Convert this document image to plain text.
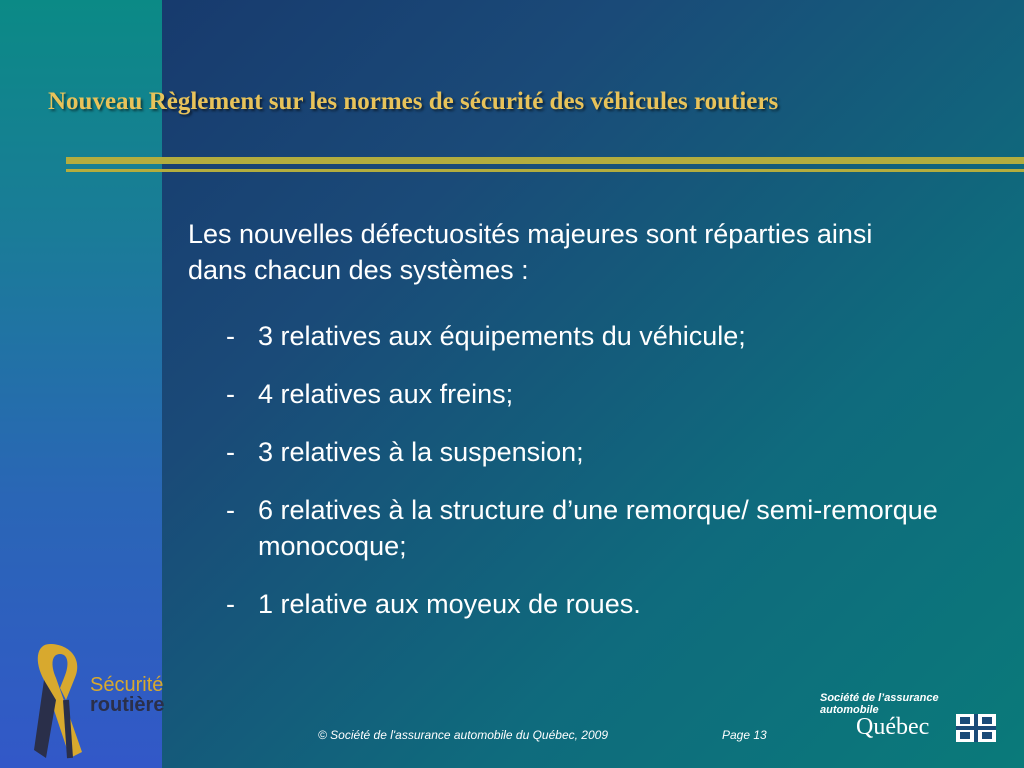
Nouveau Règlement sur les normes de sécurité des véhicules routiers
Les nouvelles défectuosités majeures sont réparties ainsi dans chacun des systèmes :
- 3 relatives aux équipements du véhicule;
- 4 relatives aux freins;
- 3 relatives à la suspension;
- 6 relatives à la structure d’une remorque/ semi-remorque monocoque;
- 1 relative aux moyeux de roues.
Sécurité
routière
© Société de l'assurance automobile du Québec, 2009	Page 13
Société de l’assurance
automobile
Québec
